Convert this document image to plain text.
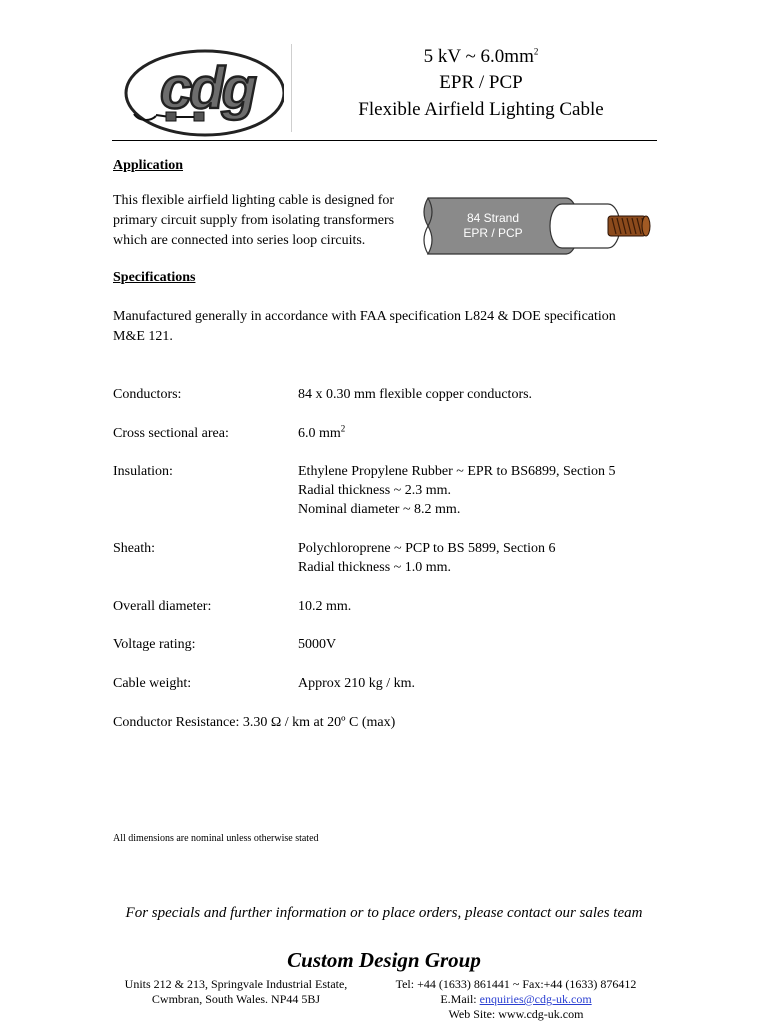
cdg	5 kV ~ $6.0mm^2$
EPR / PCP
Flexible Airfield Lighting Cable
Application
This flexible airfield lighting cable is designed for
primary circuit supply from isolating transformers
which are connected into series loop circuits.
84 Strand
EPR / PCP
Specifications
Manufactured generally in accordance with FAA specification L824 & DOE specification
M&E 121.
Conductors:	84 x 0.30 mm flexible copper conductors.
Cross sectional area:	6.0 $mm^2$
Insulation:	Ethylene Propylene Rubber ~ EPR to BS6899, Section 5
Radial thickness ~ 2.3 mm.
Nominal diameter ~ 8.2 mm.
Sheath:	Polychloroprene ~ PCP to BS 5899, Section 6
Radial thickness ~ 1.0 mm.
Overall diameter:	10.2 mm.
Voltage rating:	5000V
Cable weight:	Approx 210 kg / km.
Conductor Resistance: 3.30 Ω / km at 20º C (max)
All dimensions are nominal unless otherwise stated
For specials and further information or to place orders, please contact our sales team
Custom Design Group
Units 212 & 213, Springvale Industrial Estate,
Cwmbran, South Wales. NP44 5BJ
Tel: +44 (1633) 861441 ~ Fax:+44 (1633) 876412
E.Mail: enquiries@cdg-uk.com
Web Site: www.cdg-uk.com
